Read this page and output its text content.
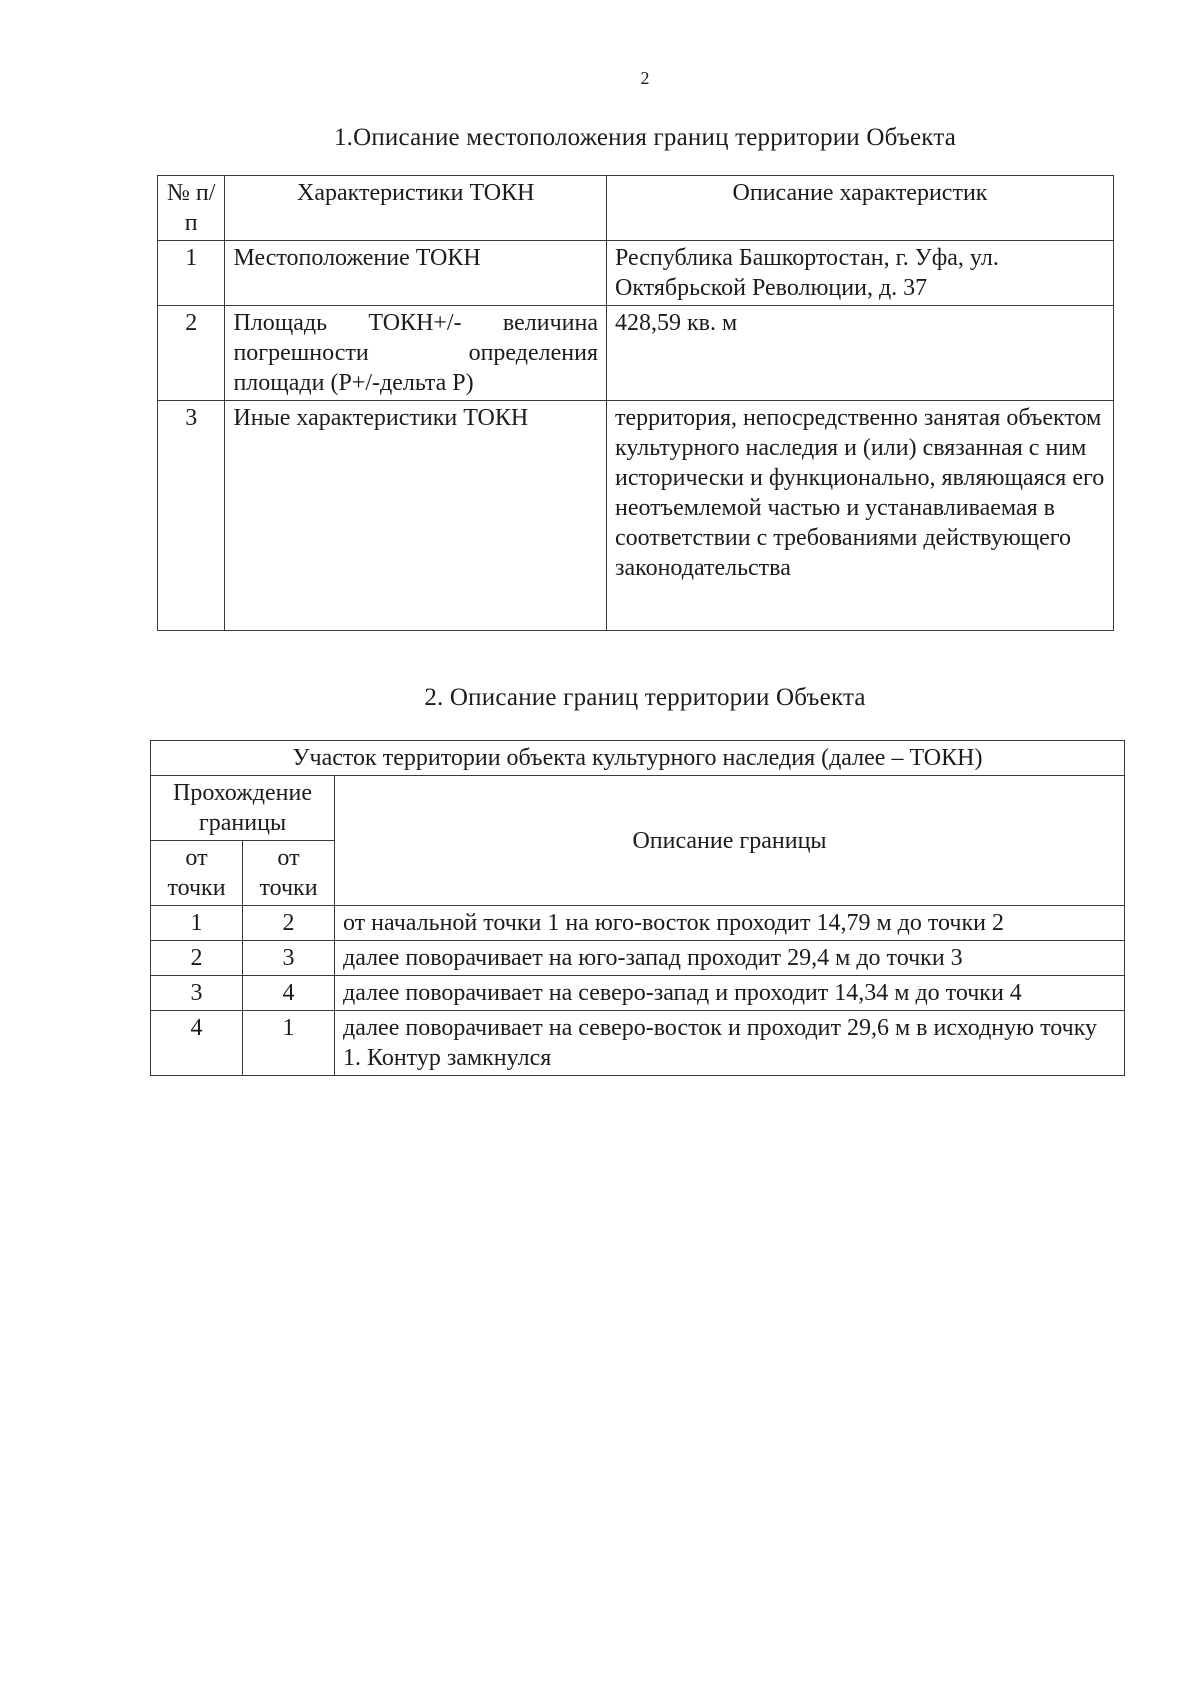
2
1.Описание местоположения границ территории Объекта
№ п/п	Характеристики ТОКН	Описание характеристик
1	Местоположение ТОКН	Республика Башкортостан, г. Уфа, ул. Октябрьской Революции, д. 37
2	Площадь ТОКН+/- величина погрешности определения площади (Р+/-дельта Р)	428,59 кв. м
3	Иные характеристики ТОКН	территория, непосредственно занятая объектом культурного наследия и (или) связанная с ним исторически и функционально, являющаяся его неотъемлемой частью и устанавливаемая в соответствии с требованиями действующего законодательства
2. Описание границ территории Объекта
Участок территории объекта культурного наследия (далее – ТОКН)		
Прохождение границы		Описание границы
от точки	от точки	
1	2	от начальной точки 1 на юго-восток проходит 14,79 м до точки 2
2	3	далее поворачивает на юго-запад проходит 29,4 м до точки 3
3	4	далее поворачивает на северо-запад и проходит 14,34 м до точки 4
4	1	далее поворачивает на северо-восток и проходит 29,6 м в исходную точку 1. Контур замкнулся
